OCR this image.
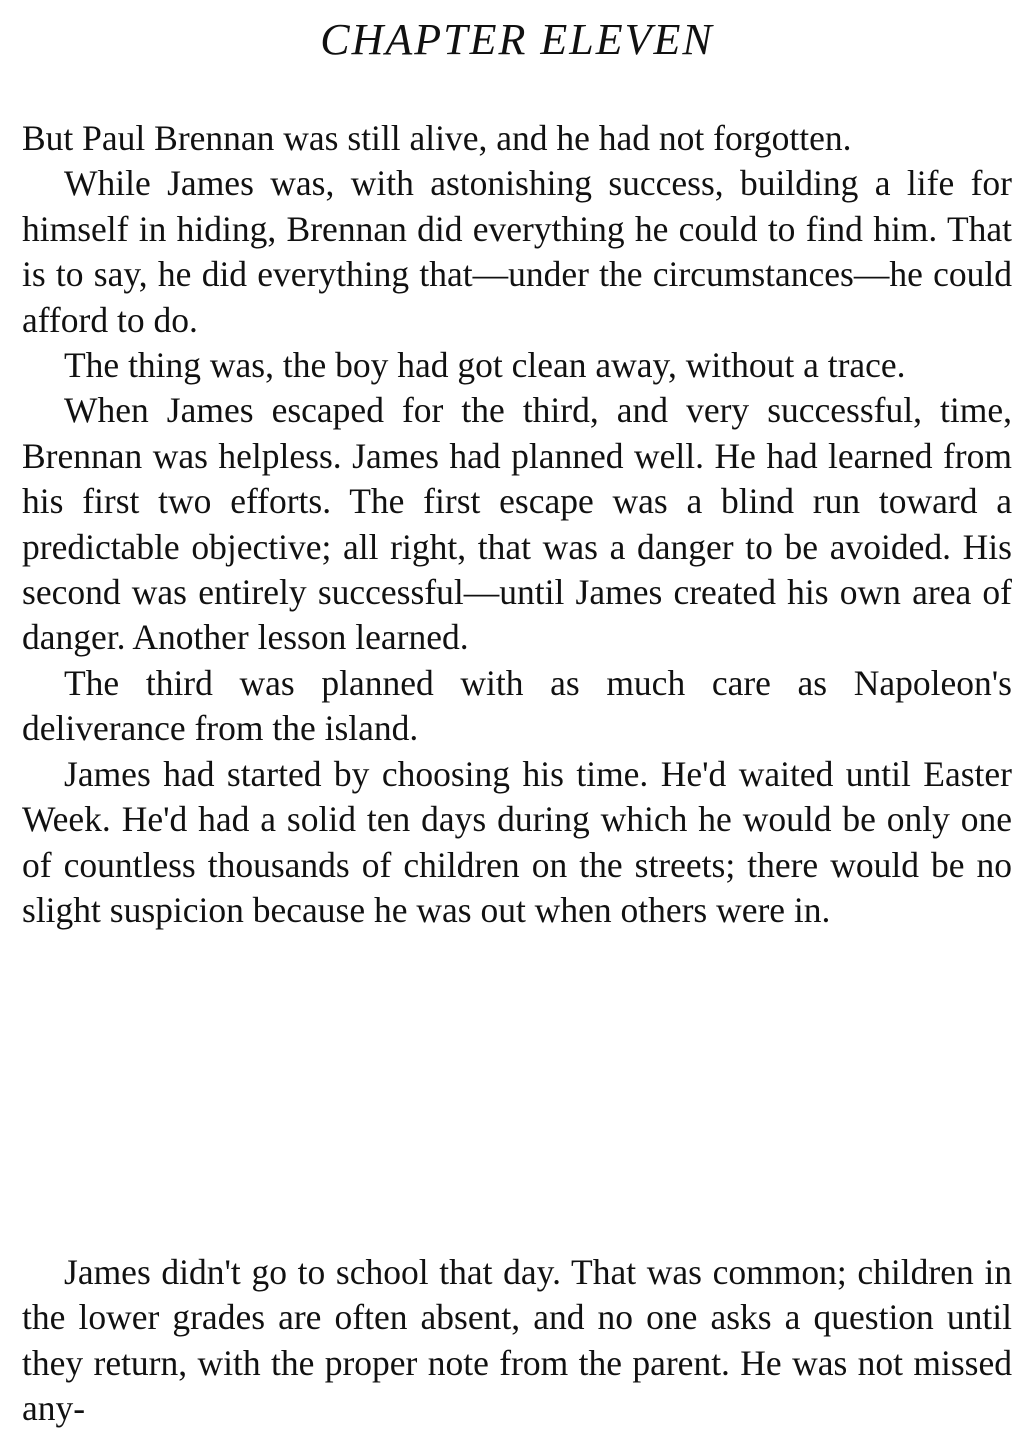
CHAPTER ELEVEN

But Paul Brennan was still alive, and he had not forgotten.

While James was, with astonishing success, building a life for himself in hiding, Brennan did everything he could to find him. That is to say, he did everything that—under the circumstances—he could afford to do.

The thing was, the boy had got clean away, without a trace.

When James escaped for the third, and very successful, time, Brennan was helpless. James had planned well. He had learned from his first two efforts. The first escape was a blind run toward a predictable objective; all right, that was a danger to be avoided. His second was entirely successful—until James created his own area of danger. Another lesson learned.

The third was planned with as much care as Napoleon's deliverance from the island.

James had started by choosing his time. He'd waited until Easter Week. He'd had a solid ten days during which he would be only one of countless thousands of children on the streets; there would be no slight suspicion because he was out when others were in.

James didn't go to school that day. That was common; children in the lower grades are often absent, and no one asks a question until they return, with the proper note from the parent. He was not missed any-
